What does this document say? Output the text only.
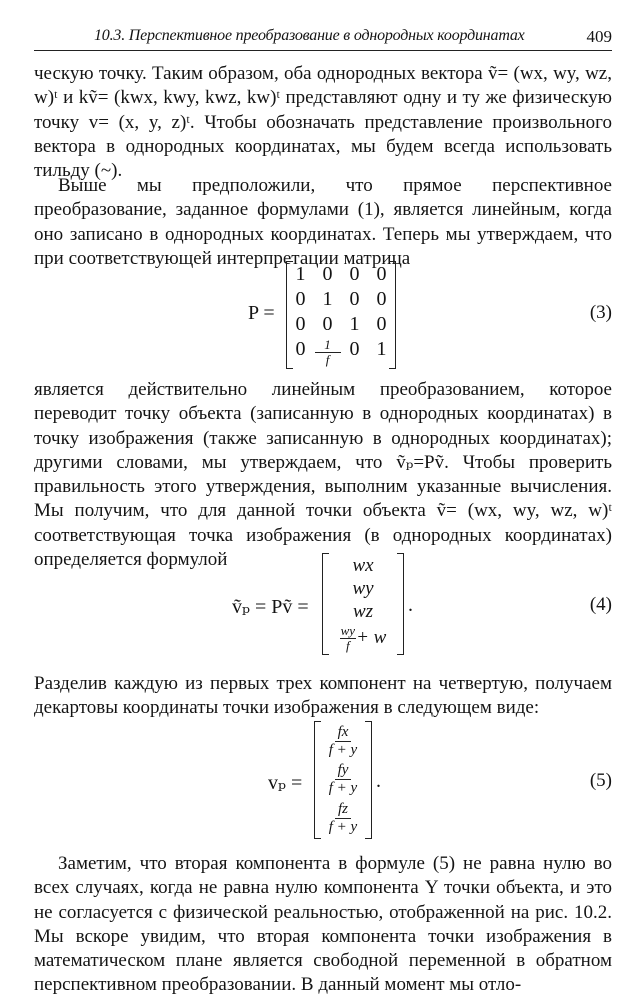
10.3. Перспективное преобразование в однородных координатах	409

ческую точку. Таким образом, оба однородных вектора ṽ= (wx, wy, wz, w)ᵗ и kṽ= (kwx, kwy, kwz, kw)ᵗ представляют одну и ту же физическую точку v= (x, y, z)ᵗ. Чтобы обозначать представление произвольного вектора в однородных координатах, мы будем всегда использовать тильду (~).

Выше мы предположили, что прямое перспективное преобразование, заданное формулами (1), является линейным, когда оно записано в однородных координатах. Теперь мы утверждаем, что при соответствующей интерпретации матрица

P =
1 0 0 0
0 1 0 0
0 0 1 0
$0 \frac{1}{f} 0$ 1
(3)

является действительно линейным преобразованием, которое переводит точку объекта (записанную в однородных координатах) в точку изображения (также записанную в однородных координатах); другими словами, мы утверждаем, что ṽₚ=Pṽ. Чтобы проверить правильность этого утверждения, выполним указанные вычисления. Мы получим, что для данной точки объекта ṽ= (wx, wy, wz, w)ᵗ соответствующая точка изображения (в однородных координатах) определяется формулой

ṽₚ = Pṽ =
wx
wy
wz
$\frac{wy}{f} + w$
.	(4)

Разделив каждую из первых трех компонент на четвертую, получаем декартовы координаты точки изображения в следующем виде:

vₚ =
$\frac{fx}{f + y}$
$\frac{fy}{f + y}$
$\frac{fz}{f + y}$
.	(5)

Заметим, что вторая компонента в формуле (5) не равна нулю во всех случаях, когда не равна нулю компонента Y точки объекта, и это не согласуется с физической реальностью, отображенной на рис. 10.2. Мы вскоре увидим, что вторая компонента точки изображения в математическом плане является свободной переменной в обратном перспективном преобразовании. В данный момент мы отло-
